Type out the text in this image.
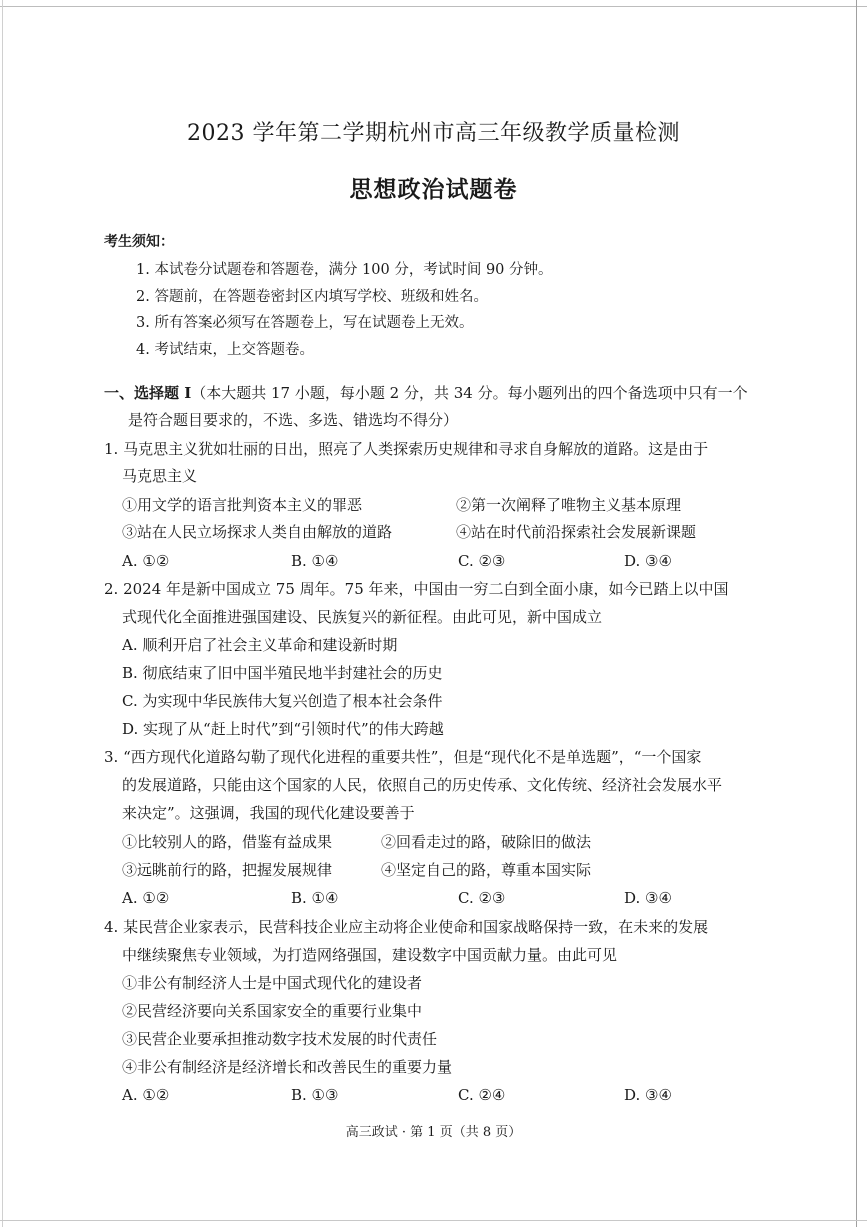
2023 学年第二学期杭州市高三年级教学质量检测
思想政治试题卷
考生须知：
1. 本试卷分试题卷和答题卷，满分 100 分，考试时间 90 分钟。
2. 答题前，在答题卷密封区内填写学校、班级和姓名。
3. 所有答案必须写在答题卷上，写在试题卷上无效。
4. 考试结束，上交答题卷。
一、选择题 Ⅰ（本大题共 17 小题，每小题 2 分，共 34 分。每小题列出的四个备选项中只有一个
是符合题目要求的，不选、多选、错选均不得分）
1. 马克思主义犹如壮丽的日出，照亮了人类探索历史规律和寻求自身解放的道路。这是由于
马克思主义
①用文学的语言批判资本主义的罪恶	②第一次阐释了唯物主义基本原理
③站在人民立场探求人类自由解放的道路	④站在时代前沿探索社会发展新课题
A. ①②	B. ①④	C. ②③	D. ③④
2. 2024 年是新中国成立 75 周年。75 年来，中国由一穷二白到全面小康，如今已踏上以中国
式现代化全面推进强国建设、民族复兴的新征程。由此可见，新中国成立
A. 顺利开启了社会主义革命和建设新时期
B. 彻底结束了旧中国半殖民地半封建社会的历史
C. 为实现中华民族伟大复兴创造了根本社会条件
D. 实现了从“赶上时代”到“引领时代”的伟大跨越
3. “西方现代化道路勾勒了现代化进程的重要共性”，但是“现代化不是单选题”，“一个国家
的发展道路，只能由这个国家的人民，依照自己的历史传承、文化传统、经济社会发展水平
来决定”。这强调，我国的现代化建设要善于
①比较别人的路，借鉴有益成果	②回看走过的路，破除旧的做法
③远眺前行的路，把握发展规律	④坚定自己的路，尊重本国实际
A. ①②	B. ①④	C. ②③	D. ③④
4. 某民营企业家表示，民营科技企业应主动将企业使命和国家战略保持一致，在未来的发展
中继续聚焦专业领域，为打造网络强国，建设数字中国贡献力量。由此可见
①非公有制经济人士是中国式现代化的建设者
②民营经济要向关系国家安全的重要行业集中
③民营企业要承担推动数字技术发展的时代责任
④非公有制经济是经济增长和改善民生的重要力量
A. ①②	B. ①③	C. ②④	D. ③④
高三政试 · 第 1 页（共 8 页）
